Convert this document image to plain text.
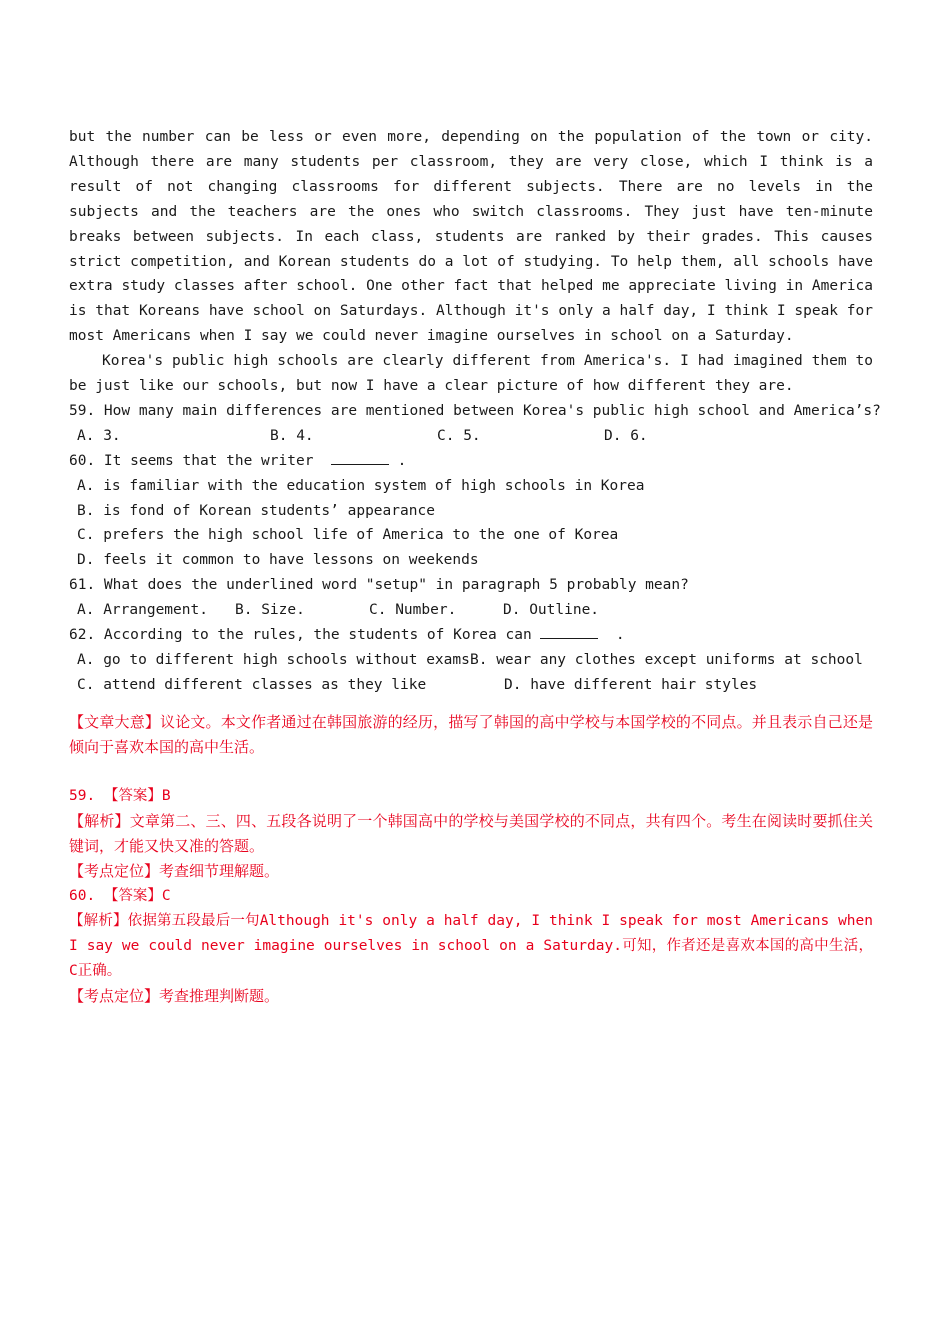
but the number can be less or even more, depending on the population of the town or city. Although there are many students per classroom, they are very close, which I think is a result of not changing classrooms for different subjects. There are no levels in the subjects and the teachers are the ones who switch classrooms. They just have ten-minute breaks between subjects. In each class, students are ranked by their grades. This causes strict competition, and Korean students do a lot of studying. To help them, all schools have extra study classes after school. One other fact that helped me appreciate living in America is that Koreans have school on Saturdays. Although it's only a half day, I think I speak for most Americans when I say we could never imagine ourselves in school on a Saturday.

Korea's public high schools are clearly different from America's. I had imagined them to be just like our schools, but now I have a clear picture of how different they are.

59. How many main differences are mentioned between Korea's public high school and America’s?

A. 3.

	B. 4.

	C. 5.

	D. 6.

60. It seems that the writer	.
A. is familiar with the education system of high schools in Korea
B. is fond of Korean students’ appearance
C. prefers the high school life of America to the one of Korea
D. feels it common to have lessons on weekends
61. What does the underlined word "setup" in paragraph 5 probably mean?

A. Arrangement.

B. Size.

	C. Number.

	D. Outline.

62. According to the rules, the students of Korea can	.

A. go to different high schools without exams

B. wear any clothes except uniforms at school

C. attend different classes as they like

	D. have different hair styles

【文章大意】议论文。本文作者通过在韩国旅游的经历，描写了韩国的高中学校与本国学校的不同点。并且表示自己还是倾向于喜欢本国的高中生活。

59. 【答案】B

【解析】文章第二、三、四、五段各说明了一个韩国高中的学校与美国学校的不同点，共有四个。考生在阅读时要抓住关键词，才能又快又准的答题。

【考点定位】考查细节理解题。

60. 【答案】C

【解析】依据第五段最后一句Although it's only a half day, I think I speak for most Americans when I say we could never imagine ourselves in school on a Saturday.可知，作者还是喜欢本国的高中生活，C正确。

【考点定位】考查推理判断题。
